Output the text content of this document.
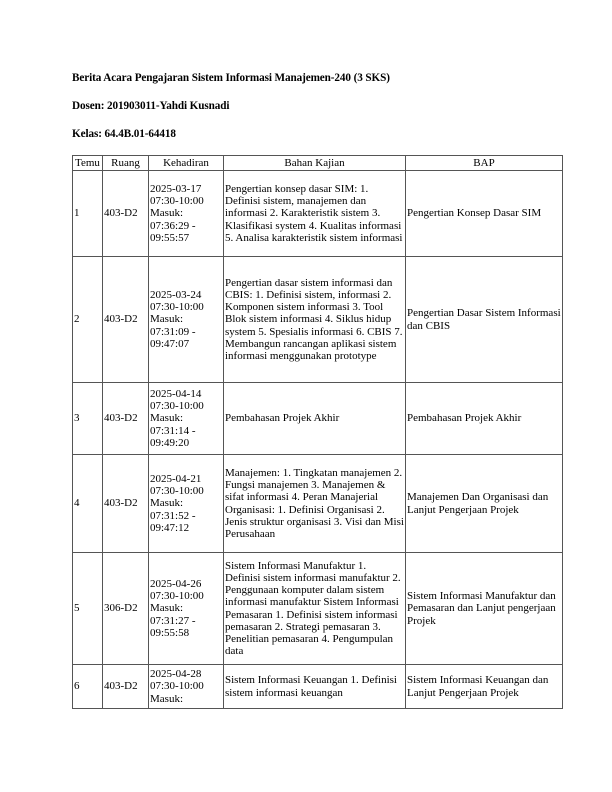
Berita Acara Pengajaran Sistem Informasi Manajemen-240 (3 SKS)
Dosen: 201903011-Yahdi Kusnadi
Kelas: 64.4B.01-64418
Temu	Ruang	Kehadiran	Bahan Kajian	BAP
1	403-D2	2025-03-17 07:30-10:00 Masuk: 07:36:29 - 09:55:57	Pengertian konsep dasar SIM: 1. Definisi sistem, manajemen dan informasi 2. Karakteristik sistem 3. Klasifikasi system 4. Kualitas informasi 5. Analisa karakteristik sistem informasi	Pengertian Konsep Dasar SIM
2	403-D2	2025-03-24 07:30-10:00 Masuk: 07:31:09 - 09:47:07	Pengertian dasar sistem informasi dan CBIS: 1. Definisi sistem, informasi 2. Komponen sistem informasi 3. Tool Blok sistem informasi 4. Siklus hidup system 5. Spesialis informasi 6. CBIS 7. Membangun rancangan aplikasi sistem informasi menggunakan prototype	Pengertian Dasar Sistem Informasi dan CBIS
3	403-D2	2025-04-14 07:30-10:00 Masuk: 07:31:14 - 09:49:20	Pembahasan Projek Akhir	Pembahasan Projek Akhir
4	403-D2	2025-04-21 07:30-10:00 Masuk: 07:31:52 - 09:47:12	Manajemen: 1. Tingkatan manajemen 2. Fungsi manajemen 3. Manajemen & sifat informasi 4. Peran Manajerial Organisasi: 1. Definisi Organisasi 2. Jenis struktur organisasi 3. Visi dan Misi Perusahaan	Manajemen Dan Organisasi dan Lanjut Pengerjaan Projek
5	306-D2	2025-04-26 07:30-10:00 Masuk: 07:31:27 - 09:55:58	Sistem Informasi Manufaktur 1. Definisi sistem informasi manufaktur 2. Penggunaan komputer dalam sistem informasi manufaktur Sistem Informasi Pemasaran 1. Definisi sistem informasi pemasaran 2. Strategi pemasaran 3. Penelitian pemasaran 4. Pengumpulan data	Sistem Informasi Manufaktur dan Pemasaran dan Lanjut pengerjaan Projek
6	403-D2	2025-04-28 07:30-10:00 Masuk:	Sistem Informasi Keuangan 1. Definisi sistem informasi keuangan	Sistem Informasi Keuangan dan Lanjut Pengerjaan Projek
